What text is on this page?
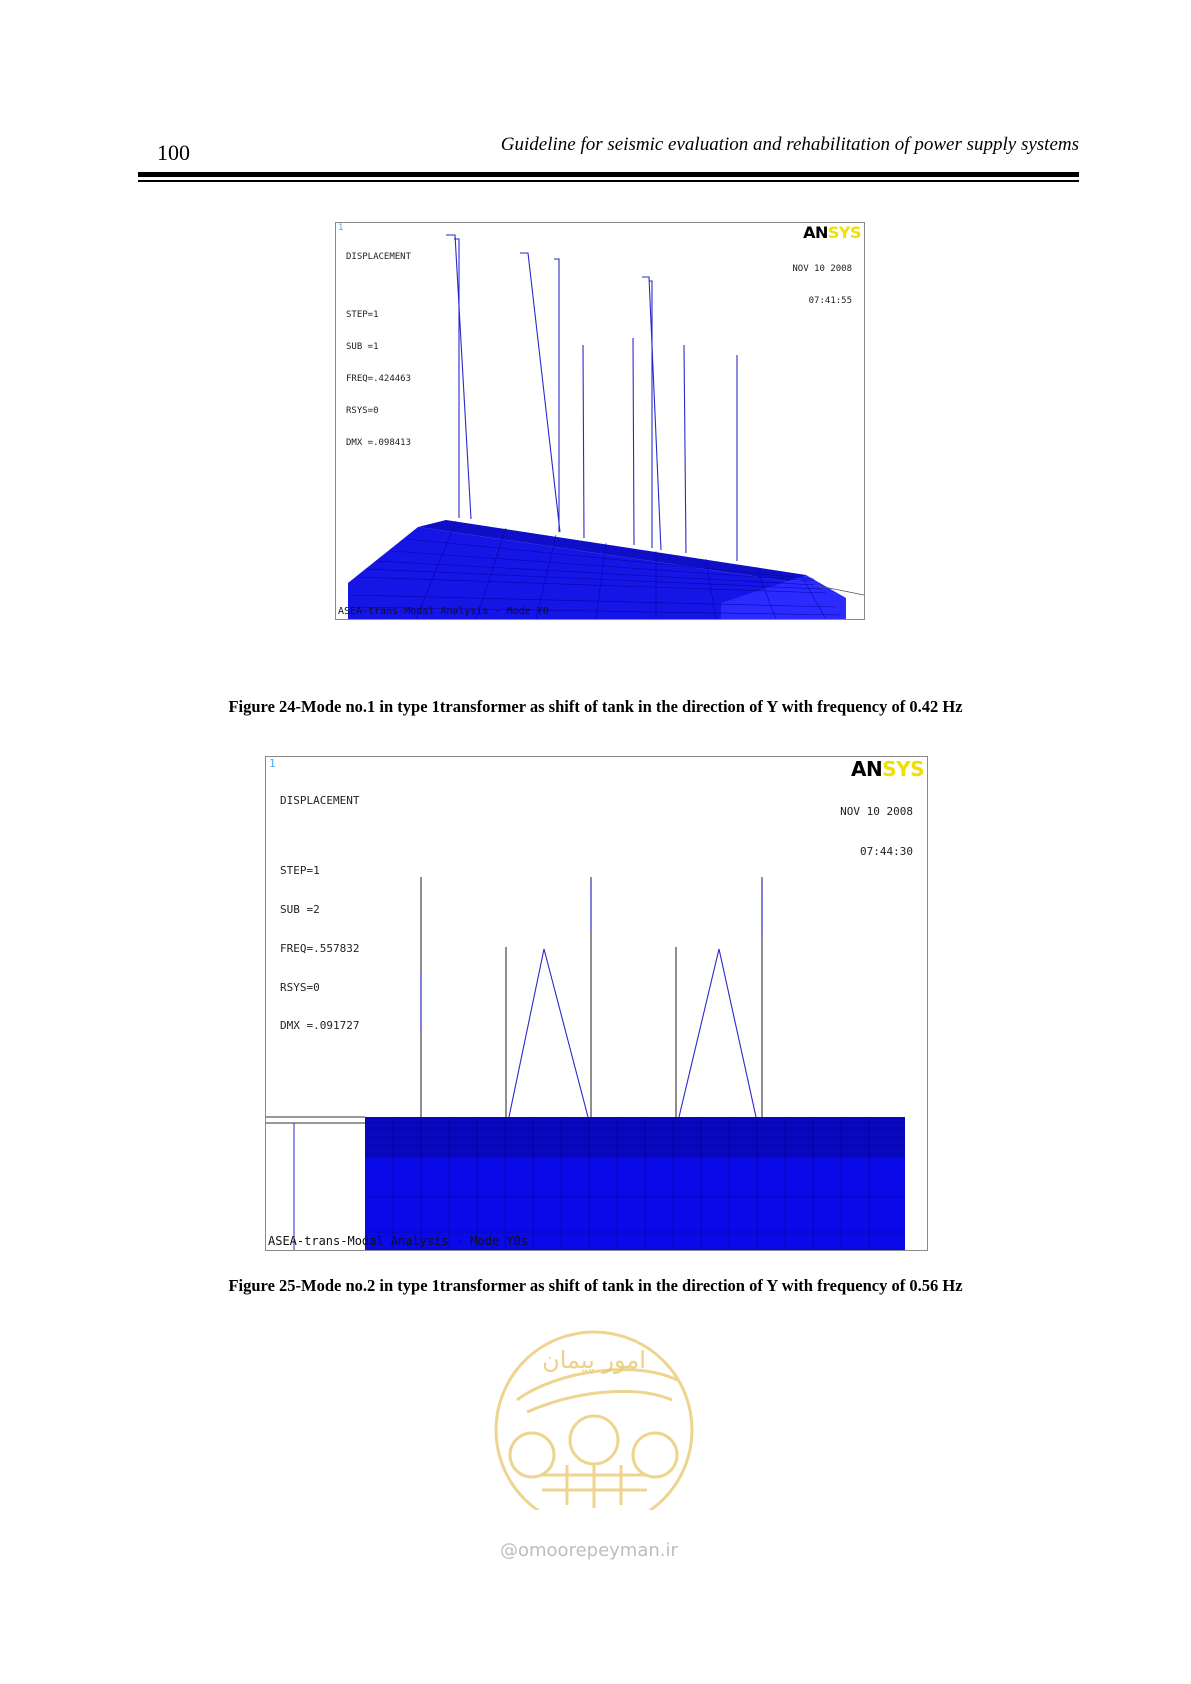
100	Guideline for seismic evaluation and rehabilitation of power supply systems
1

DISPLACEMENT

STEP=1

SUB =1

FREQ=.424463

RSYS=0

DMX =.098413

ANSYS

NOV 10 2008

07:41:55

ASEA-trans-Modal Analysis - Mode Y0
Figure 24-Mode no.1 in type 1transformer as shift of tank in the direction of Y with frequency of 0.42 Hz
1

DISPLACEMENT

STEP=1

SUB =2

FREQ=.557832

RSYS=0

DMX =.091727

ANSYS

NOV 10 2008

07:44:30

ASEA-trans-Modal Analysis - Mode Y0s
Figure 25-Mode no.2 in type 1transformer as shift of tank in the direction of Y with frequency of 0.56 Hz
امور پیمان
@omoorepeyman.ir
